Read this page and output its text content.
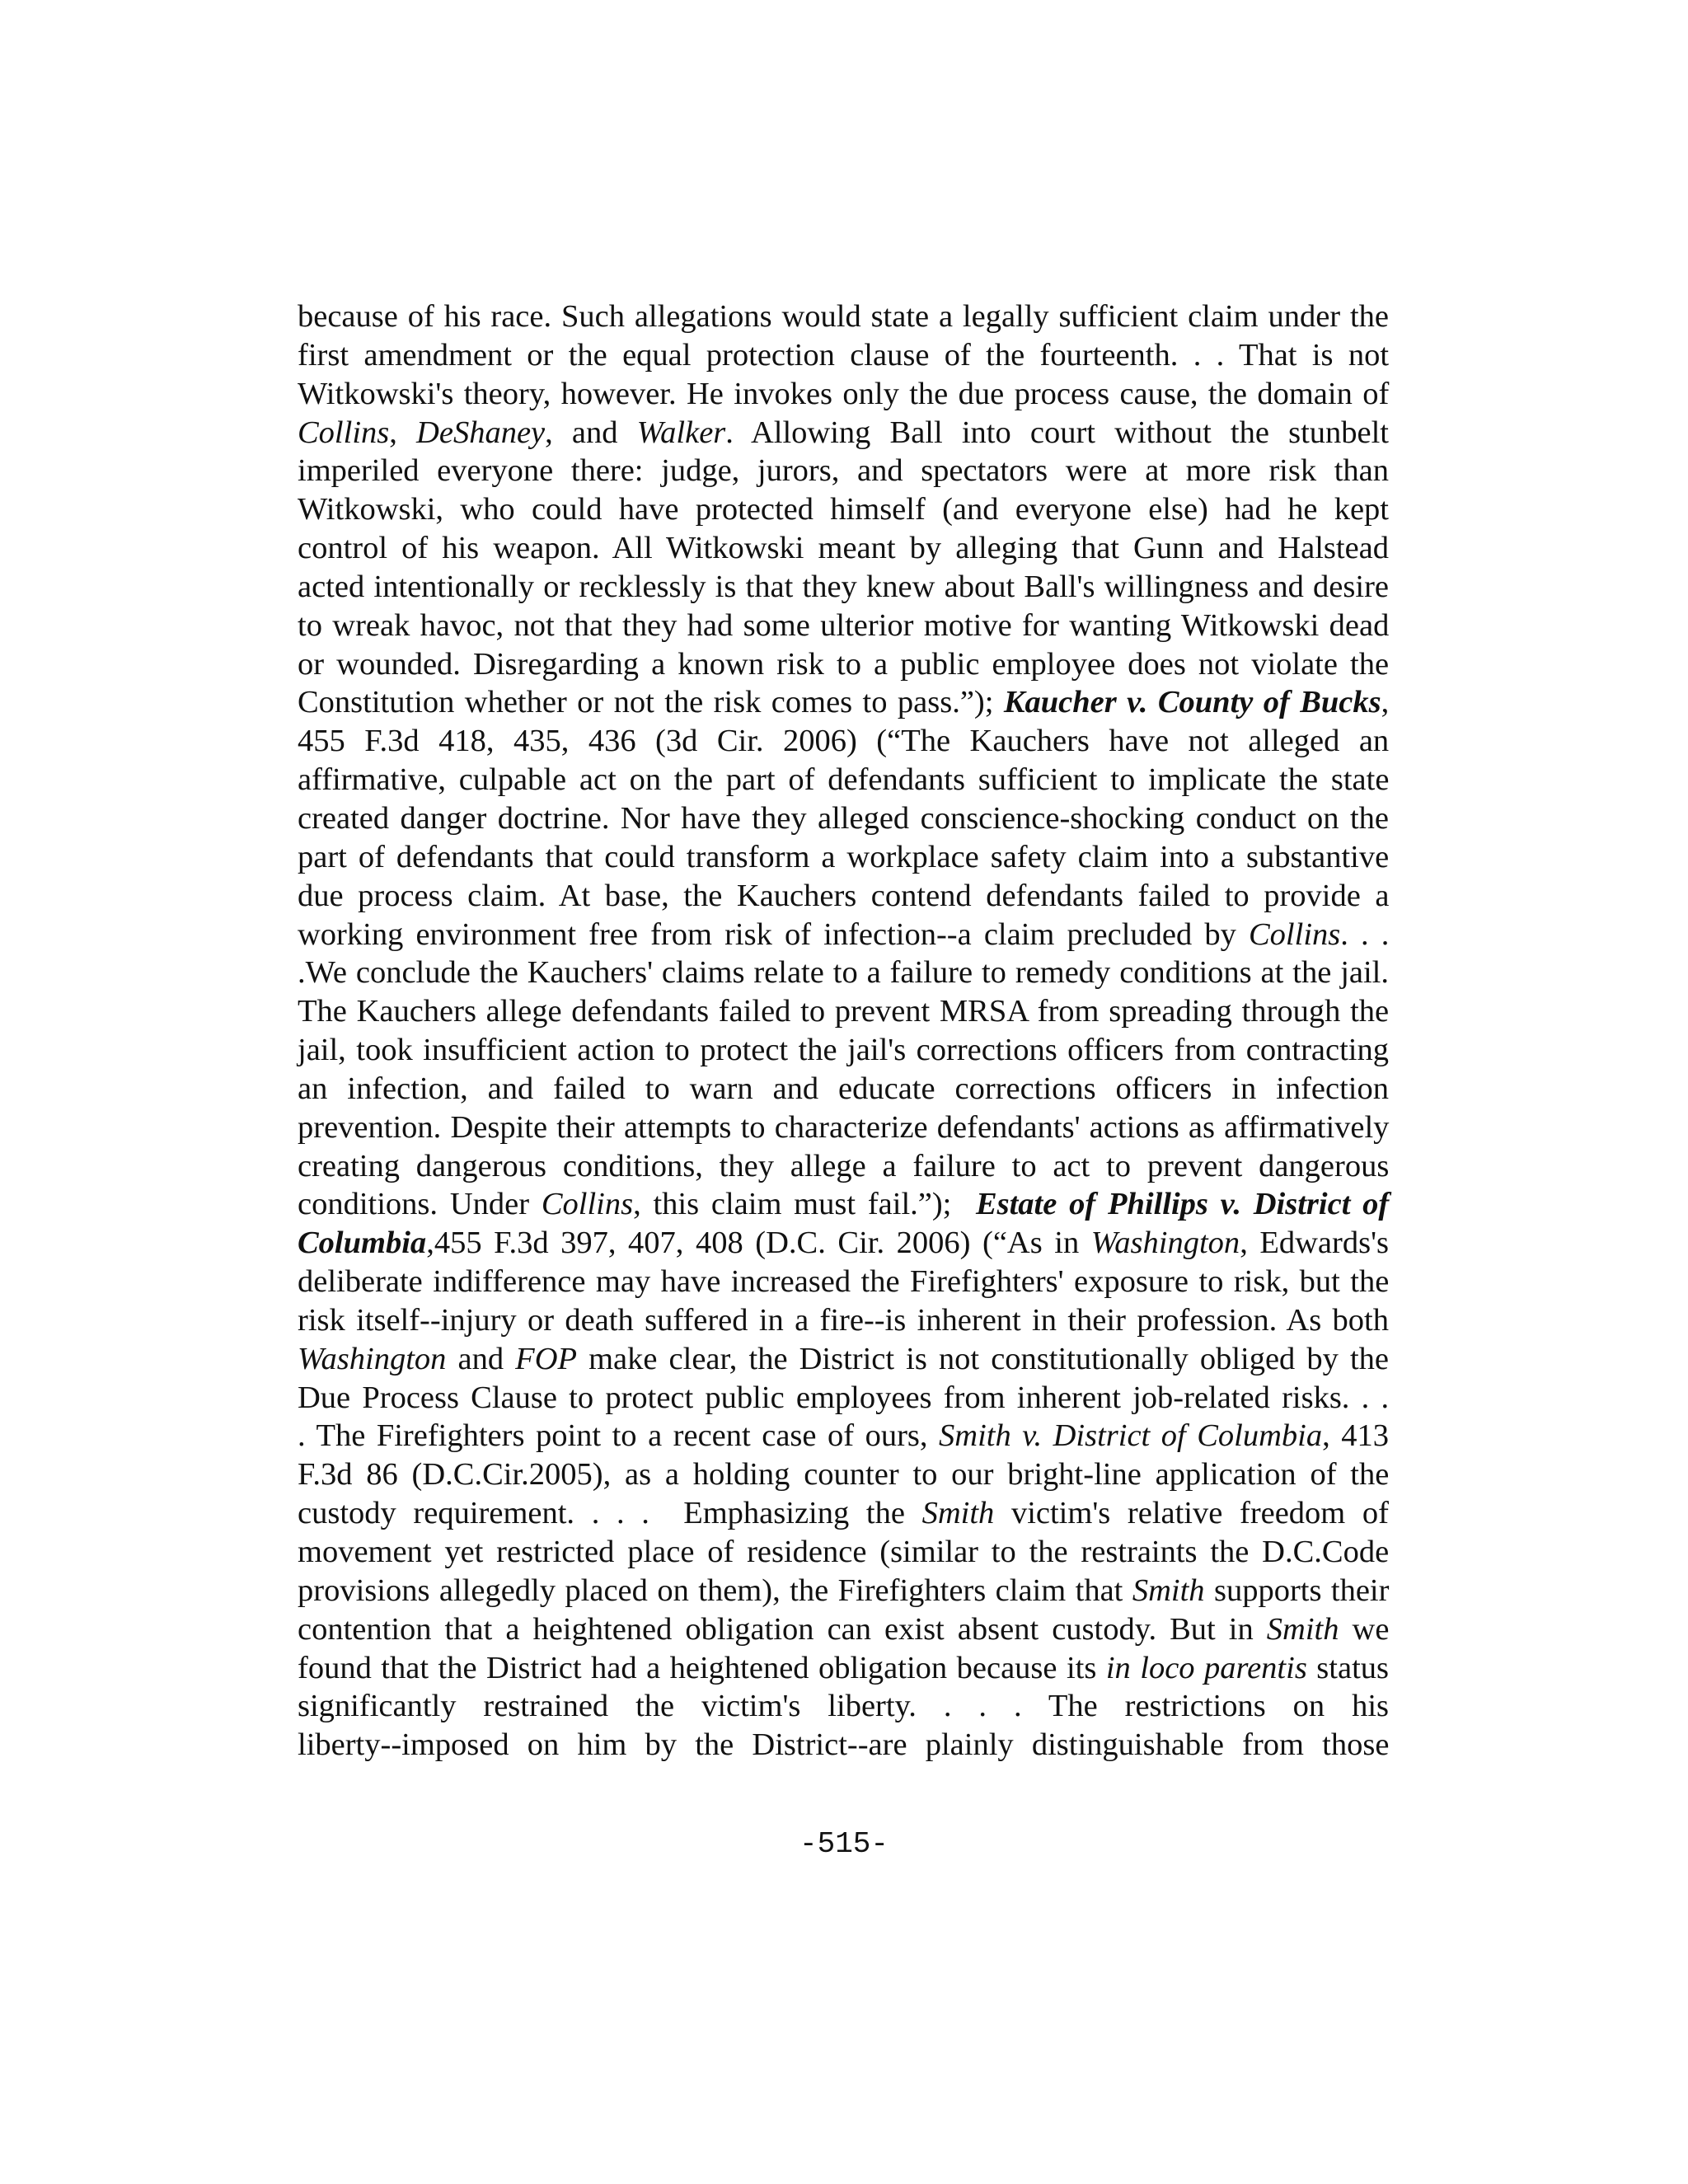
because of his race. Such allegations would state a legally sufficient claim under the
first amendment or the equal protection clause of the fourteenth. . . That is not
Witkowski's theory, however. He invokes only the due process cause, the domain of
Collins, DeShaney, and Walker. Allowing Ball into court without the stunbelt
imperiled everyone there: judge, jurors, and spectators were at more risk than
Witkowski, who could have protected himself (and everyone else) had he kept
control of his weapon. All Witkowski meant by alleging that Gunn and Halstead
acted intentionally or recklessly is that they knew about Ball's willingness and desire
to wreak havoc, not that they had some ulterior motive for wanting Witkowski dead
or wounded. Disregarding a known risk to a public employee does not violate the
Constitution whether or not the risk comes to pass.”); Kaucher v. County of Bucks,
455 F.3d 418, 435, 436 (3d Cir. 2006) (“The Kauchers have not alleged an
affirmative, culpable act on the part of defendants sufficient to implicate the state
created danger doctrine. Nor have they alleged conscience-shocking conduct on the
part of defendants that could transform a workplace safety claim into a substantive
due process claim. At base, the Kauchers contend defendants failed to provide a
working environment free from risk of infection--a claim precluded by Collins. . .
.We conclude the Kauchers' claims relate to a failure to remedy conditions at the jail.
The Kauchers allege defendants failed to prevent MRSA from spreading through the
jail, took insufficient action to protect the jail's corrections officers from contracting
an infection, and failed to warn and educate corrections officers in infection
prevention. Despite their attempts to characterize defendants' actions as affirmatively
creating dangerous conditions, they allege a failure to act to prevent dangerous
conditions. Under Collins, this claim must fail.”);  Estate of Phillips v. District of
Columbia,455 F.3d 397, 407, 408 (D.C. Cir. 2006) (“As in Washington, Edwards's
deliberate indifference may have increased the Firefighters' exposure to risk, but the
risk itself--injury or death suffered in a fire--is inherent in their profession. As both
Washington and FOP make clear, the District is not constitutionally obliged by the
Due Process Clause to protect public employees from inherent job-related risks. . .
. The Firefighters point to a recent case of ours, Smith v. District of Columbia, 413
F.3d 86 (D.C.Cir.2005), as a holding counter to our bright-line application of the
custody requirement. . . .  Emphasizing the Smith victim's relative freedom of
movement yet restricted place of residence (similar to the restraints the D.C.Code
provisions allegedly placed on them), the Firefighters claim that Smith supports their
contention that a heightened obligation can exist absent custody. But in Smith we
found that the District had a heightened obligation because its in loco parentis status
significantly restrained the victim's liberty. . . . The restrictions on his
liberty--imposed on him by the District--are plainly distinguishable from those
-515-
